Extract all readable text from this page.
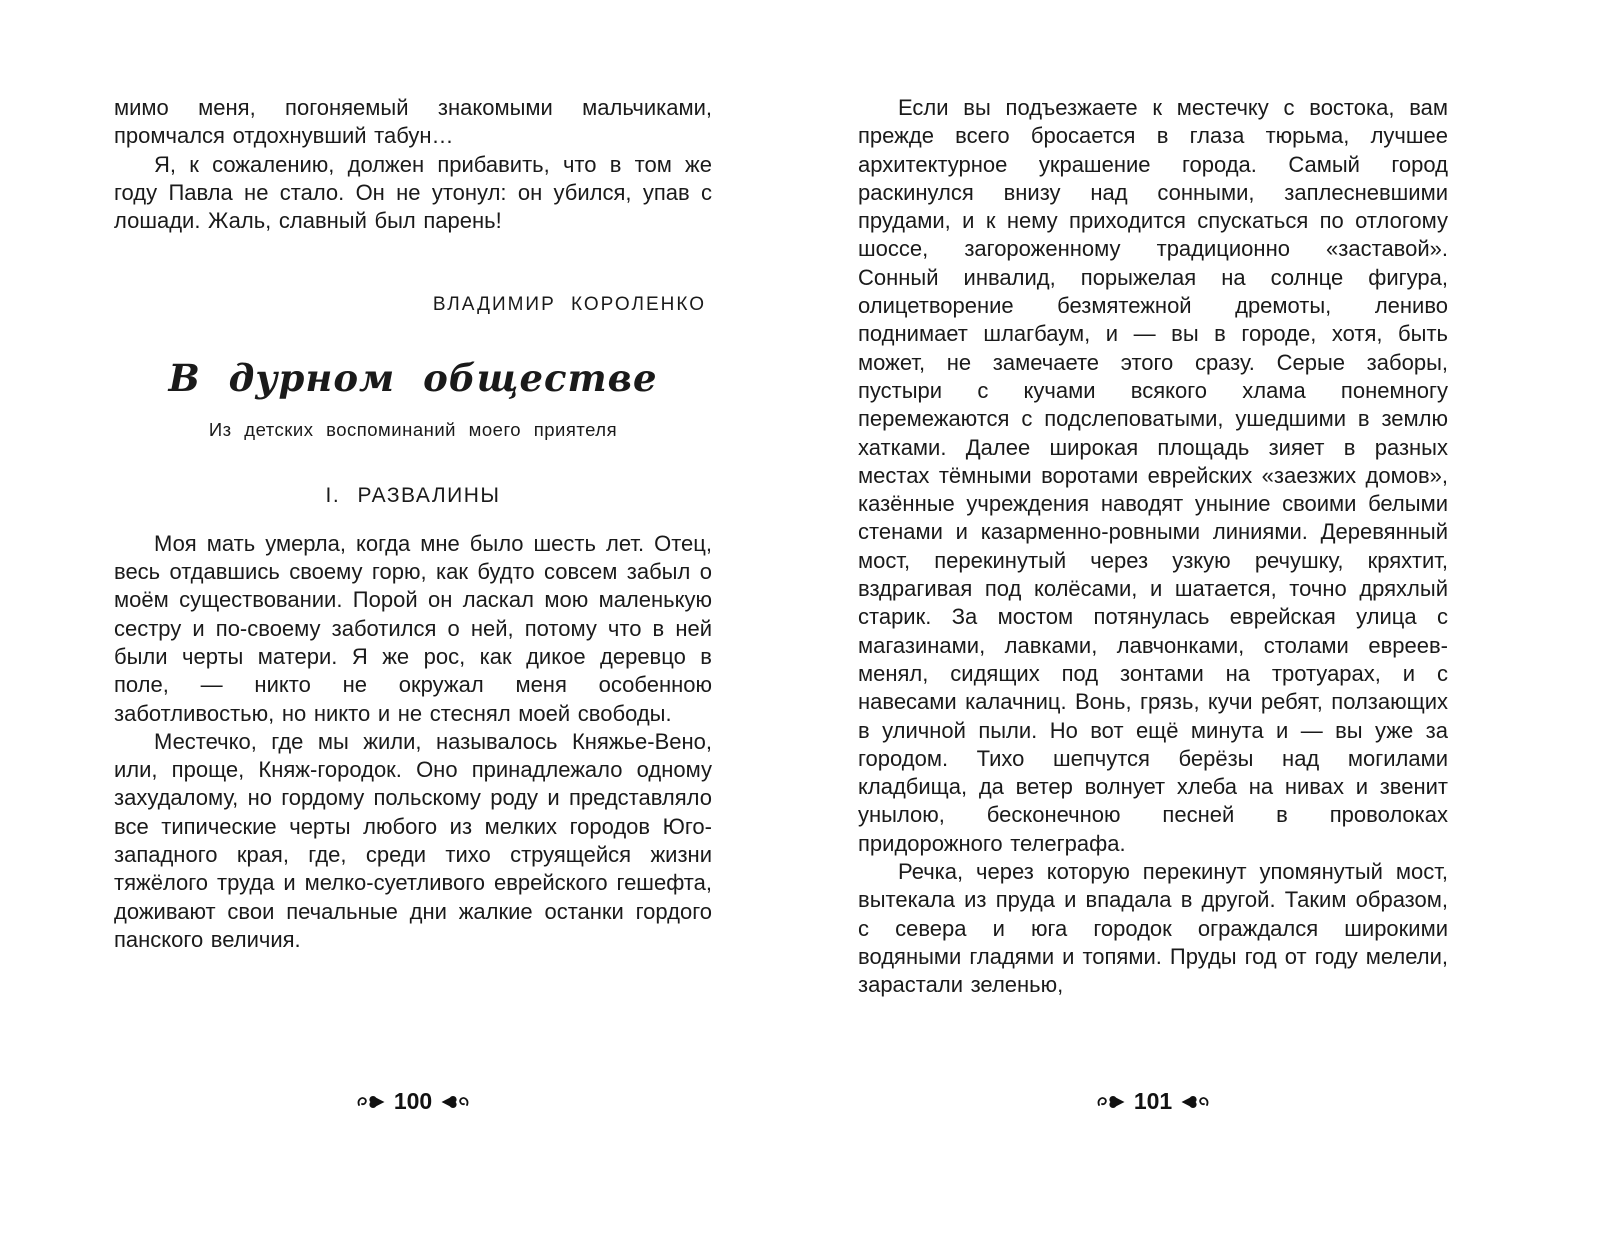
мимо меня, погоняемый знакомыми мальчиками, промчался отдохнувший табун…

Я, к сожалению, должен прибавить, что в том же году Павла не стало. Он не утонул: он убился, упав с лошади. Жаль, славный был парень!

ВЛАДИМИР КОРОЛЕНКО
В дурном обществе
Из детских воспоминаний моего приятеля
I. РАЗВАЛИНЫ

Моя мать умерла, когда мне было шесть лет. Отец, весь отдавшись своему горю, как будто совсем забыл о моём существовании. Порой он ласкал мою маленькую сестру и по-своему заботился о ней, потому что в ней были черты матери. Я же рос, как дикое деревцо в поле, — никто не окружал меня особенною заботливостью, но никто и не стеснял моей свободы.

Местечко, где мы жили, называлось Княжье-Вено, или, проще, Княж-городок. Оно принадлежало одному захудалому, но гордому польскому роду и представляло все типические черты любого из мелких городов Юго-западного края, где, среди тихо струящейся жизни тяжёлого труда и мелко-суетливого еврейского гешефта, доживают свои печальные дни жалкие останки гордого панского величия.

100

Если вы подъезжаете к местечку с востока, вам прежде всего бросается в глаза тюрьма, лучшее архитектурное украшение города. Самый город раскинулся внизу над сонными, заплесневшими прудами, и к нему приходится спускаться по отлогому шоссе, загороженному традиционно «заставой». Сонный инвалид, порыжелая на солнце фигура, олицетворение безмятежной дремоты, лениво поднимает шлагбаум, и — вы в городе, хотя, быть может, не замечаете этого сразу. Серые заборы, пустыри с кучами всякого хлама понемногу перемежаются с подслеповатыми, ушедшими в землю хатками. Далее широкая площадь зияет в разных местах тёмными воротами еврейских «заезжих домов», казённые учреждения наводят уныние своими белыми стенами и казарменно-ровными линиями. Деревянный мост, перекинутый через узкую речушку, кряхтит, вздрагивая под колёсами, и шатается, точно дряхлый старик. За мостом потянулась еврейская улица с магазинами, лавками, лавчонками, столами евреев-менял, сидящих под зонтами на тротуарах, и с навесами калачниц. Вонь, грязь, кучи ребят, ползающих в уличной пыли. Но вот ещё минута и — вы уже за городом. Тихо шепчутся берёзы над могилами кладбища, да ветер волнует хлеба на нивах и звенит унылою, бесконечною песней в проволоках придорожного телеграфа.

Речка, через которую перекинут упомянутый мост, вытекала из пруда и впадала в другой. Таким образом, с севера и юга городок ограждался широкими водяными гладями и топями. Пруды год от году мелели, зарастали зеленью,

101
